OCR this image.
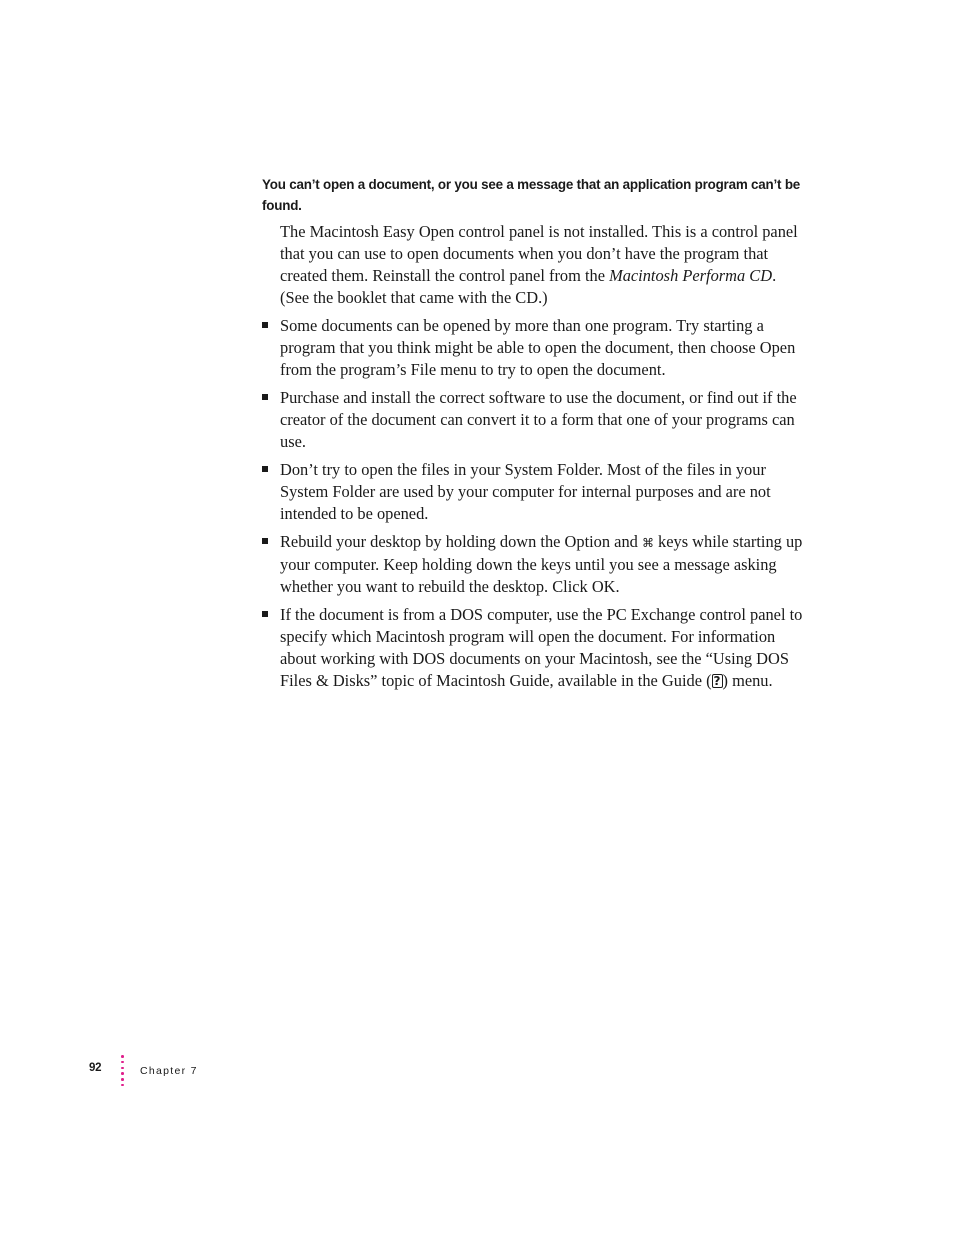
You can’t open a document, or you see a message that an application program can’t be found.

The Macintosh Easy Open control panel is not installed. This is a control panel that you can use to open documents when you don’t have the program that created them. Reinstall the control panel from the Macintosh Performa CD. (See the booklet that came with the CD.)

Some documents can be opened by more than one program. Try starting a program that you think might be able to open the document, then choose Open from the program’s File menu to try to open the document.
Purchase and install the correct software to use the document, or find out if the creator of the document can convert it to a form that one of your programs can use.
Don’t try to open the files in your System Folder. Most of the files in your System Folder are used by your computer for internal purposes and are not intended to be opened.
Rebuild your desktop by holding down the Option and ⌘ keys while starting up your computer. Keep holding down the keys until you see a message asking whether you want to rebuild the desktop. Click OK.
If the document is from a DOS computer, use the PC Exchange control panel to specify which Macintosh program will open the document. For information about working with DOS documents on your Macintosh, see the “Using DOS Files & Disks” topic of Macintosh Guide, available in the Guide ( ? ) menu.
92	Chapter 7
